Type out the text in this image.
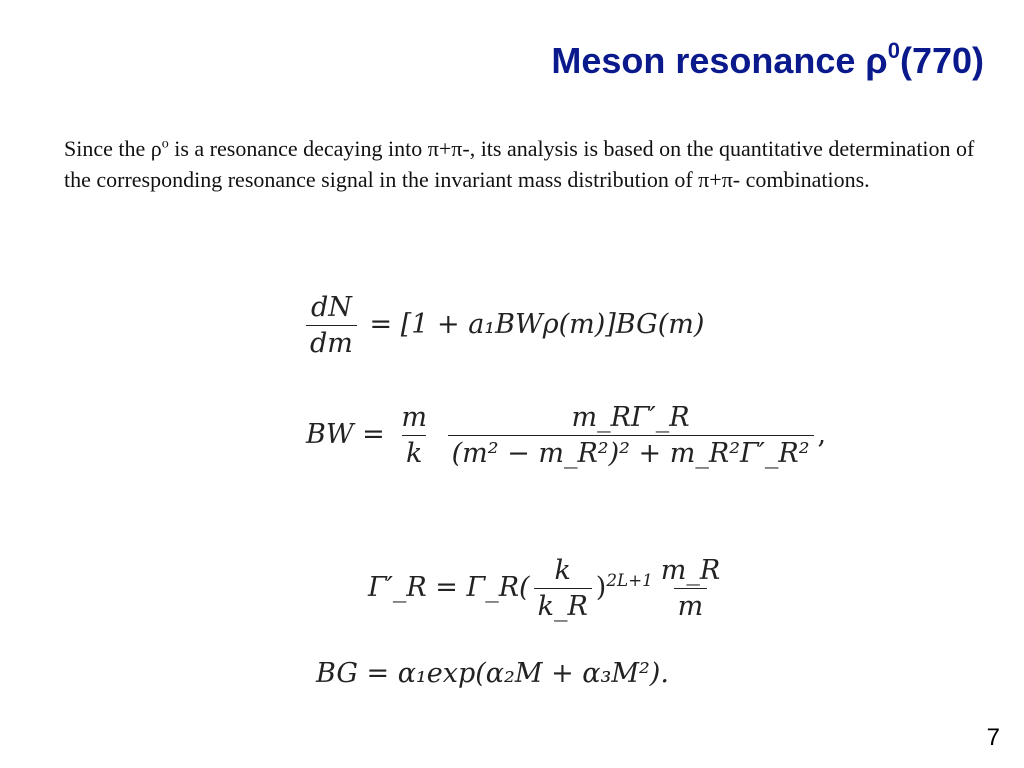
Meson resonance $\rho^0(770)$
Since the $\rho^o$ is a resonance decaying into π+π-, its analysis is based on the quantitative determination of the corresponding resonance signal in the invariant mass distribution of π+π- combinations.
$\frac{dN}{dm} = [1 + a_1BW\rho(m)]BG(m)$
BW = $\frac{m}{k}$
$\frac{m\_R\Gamma'\_R}{\text{(m² − m\_R²)² + m\_R²Γ′\_R²}}$ ,
Γ′_R = Γ_R( $\frac{k}{k\_R} )^{2L+1} \frac{m\_R}{m}$
BG = α₁exp(α₂M + α₃M²).
7
